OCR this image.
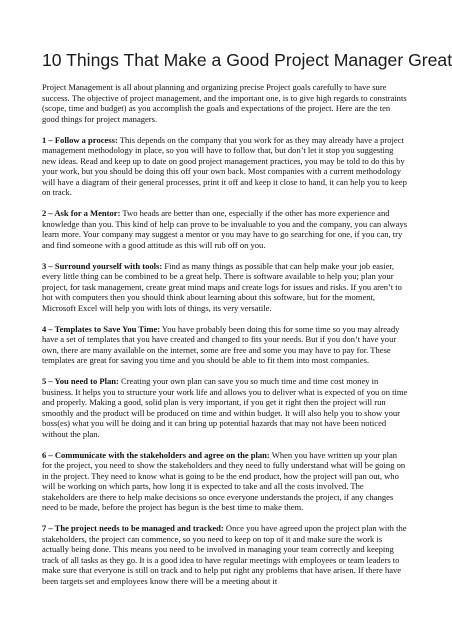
10 Things That Make a Good Project Manager Great

Project Management is all about planning and organizing precise Project goals carefully to have sure success. The objective of project management, and the important one, is to give high regards to constraints (scope, time and budget) as you accomplish the goals and expectations of the project. Here are the ten good things for project managers.

1 – Follow a process: This depends on the company that you work for as they may already have a project management methodology in place, so you will have to follow that, but don’t let it stop you suggesting new ideas. Read and keep up to date on good project management practices, you may be told to do this by your work, but you should be doing this off your own back. Most companies with a current methodology will have a diagram of their general processes, print it off and keep it close to hand, it can help you to keep on track.

2 – Ask for a Mentor: Two heads are better than one, especially if the other has more experience and knowledge than you. This kind of help can prove to be invaluable to you and the company, you can always learn more. Your company may suggest a mentor or you may have to go searching for one, if you can, try and find someone with a good attitude as this will rub off on you.

3 – Surround yourself with tools: Find as many things as possible that can help make your job easier, every little thing can be combined to be a great help. There is software available to help you; plan your project, for task management, create great mind maps and create logs for issues and risks. If you aren’t to hot with computers then you should think about learning about this software, but for the moment, Microsoft Excel will help you with lots of things, its very versatile.

4 – Templates to Save You Time: You have probably been doing this for some time so you may already have a set of templates that you have created and changed to fits your needs. But if you don’t have your own, there are many available on the internet, some are free and some you may have to pay for. These templates are great for saving you time and you should be able to fit them into most companies.

5 – You need to Plan: Creating your own plan can save you so much time and time cost money in business. It helps you to structure your work life and allows you to deliver what is expected of you on time and properly. Making a good, solid plan is very important, if you get it right then the project will run smoothly and the product will be produced on time and within budget. It will also help you to show your boss(es) what you will be doing and it can bring up potential hazards that may not have been noticed without the plan.

6 – Communicate with the stakeholders and agree on the plan: When you have written up your plan for the project, you need to show the stakeholders and they need to fully understand what will be going on in the project. They need to know what is going to be the end product, how the project will pan out, who will be working on which parts, how long it is expected to take and all the costs involved. The stakeholders are there to help make decisions so once everyone understands the project, if any changes need to be made, before the project has begun is the best time to make them.

7 – The project needs to be managed and tracked: Once you have agreed upon the project plan with the stakeholders, the project can commence, so you need to keep on top of it and make sure the work is actually being done. This means you need to be involved in managing your team correctly and keeping track of all tasks as they go. It is a good idea to have regular meetings with employees or team leaders to make sure that everyone is still on track and to help put right any problems that have arisen. If there have been targets set and employees know there will be a meeting about it
